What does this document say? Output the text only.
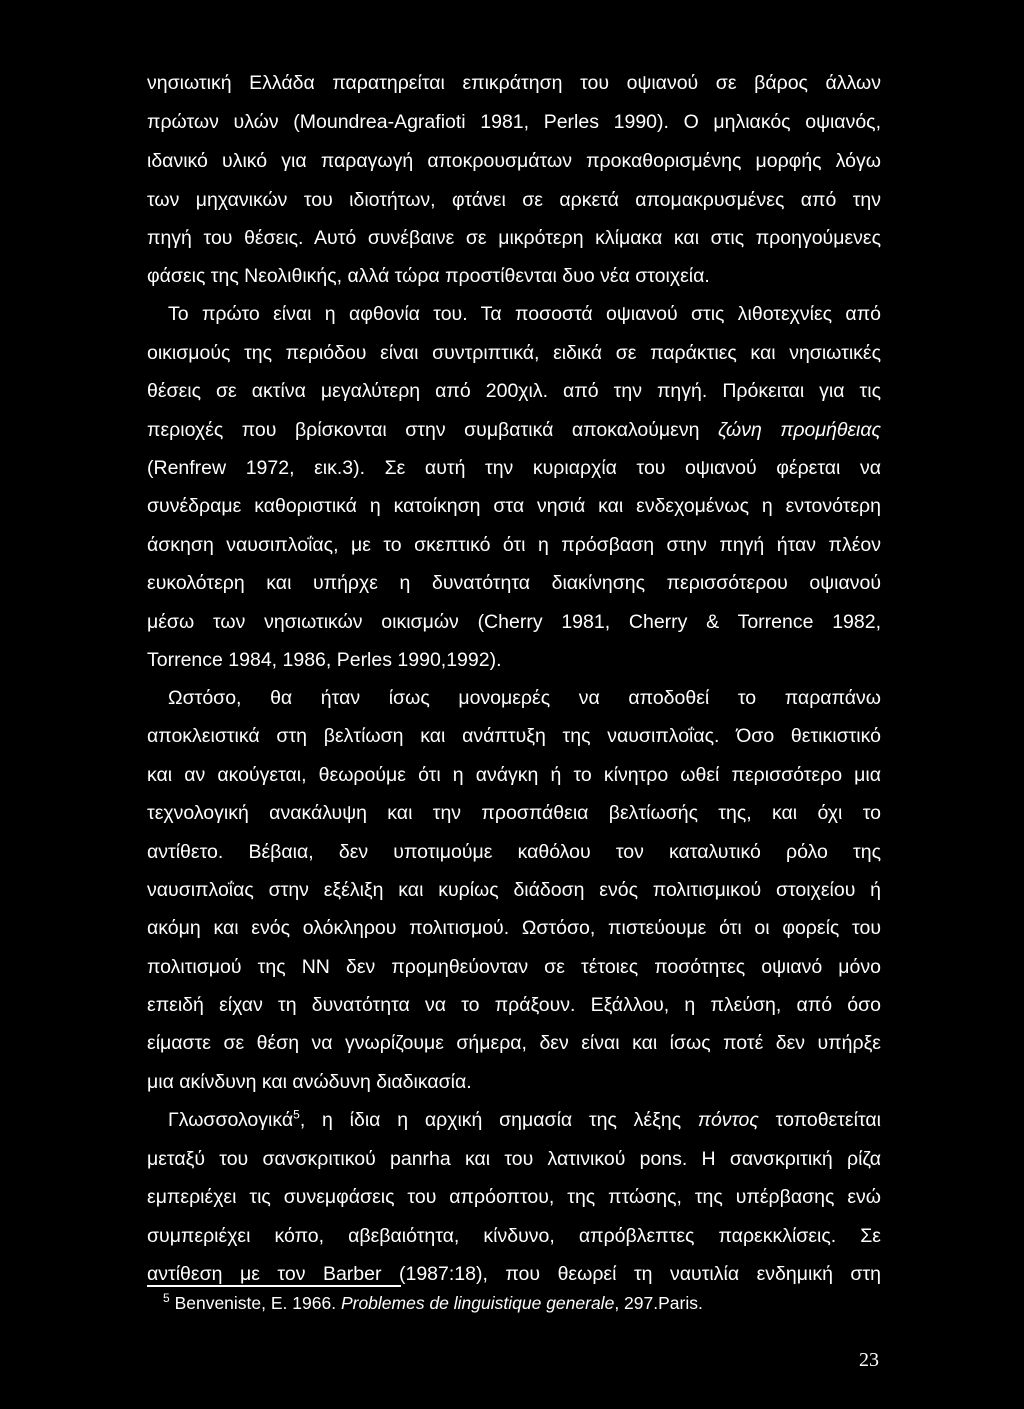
νησιωτική Ελλάδα παρατηρείται επικράτηση του οψιανού σε βάρος άλλων
πρώτων υλών (Moundrea-Agrafioti 1981, Perles 1990). Ο μηλιακός οψιανός,
ιδανικό υλικό για παραγωγή αποκρουσμάτων προκαθορισμένης μορφής λόγω
των μηχανικών του ιδιοτήτων, φτάνει σε αρκετά απομακρυσμένες από την
πηγή του θέσεις. Αυτό συνέβαινε σε μικρότερη κλίμακα και στις προηγούμενες
φάσεις της Νεολιθικής, αλλά τώρα προστίθενται δυο νέα στοιχεία.
Το πρώτο είναι η αφθονία του. Τα ποσοστά οψιανού στις λιθοτεχνίες από
οικισμούς της περιόδου είναι συντριπτικά, ειδικά σε παράκτιες και νησιωτικές
θέσεις σε ακτίνα μεγαλύτερη από 200χιλ. από την πηγή. Πρόκειται για τις
περιοχές που βρίσκονται στην συμβατικά αποκαλούμενη ζώνη προμήθειας
(Renfrew 1972, εικ.3). Σε αυτή την κυριαρχία του οψιανού φέρεται να
συνέδραμε καθοριστικά η κατοίκηση στα νησιά και ενδεχομένως η εντονότερη
άσκηση ναυσιπλοΐας, με το σκεπτικό ότι η πρόσβαση στην πηγή ήταν πλέον
ευκολότερη και υπήρχε η δυνατότητα διακίνησης περισσότερου οψιανού
μέσω των νησιωτικών οικισμών (Cherry 1981, Cherry & Torrence 1982,
Torrence 1984, 1986, Perles 1990,1992).
Ωστόσο, θα ήταν ίσως μονομερές να αποδοθεί το παραπάνω
αποκλειστικά στη βελτίωση και ανάπτυξη της ναυσιπλοΐας. Όσο θετικιστικό
και αν ακούγεται, θεωρούμε ότι η ανάγκη ή το κίνητρο ωθεί περισσότερο μια
τεχνολογική ανακάλυψη και την προσπάθεια βελτίωσής της, και όχι το
αντίθετο. Βέβαια, δεν υποτιμούμε καθόλου τον καταλυτικό ρόλο της
ναυσιπλοΐας στην εξέλιξη και κυρίως διάδοση ενός πολιτισμικού στοιχείου ή
ακόμη και ενός ολόκληρου πολιτισμού. Ωστόσο, πιστεύουμε ότι οι φορείς του
πολιτισμού της ΝΝ δεν προμηθεύονταν σε τέτοιες ποσότητες οψιανό μόνο
επειδή είχαν τη δυνατότητα να το πράξουν. Εξάλλου, η πλεύση, από όσο
είμαστε σε θέση να γνωρίζουμε σήμερα, δεν είναι και ίσως ποτέ δεν υπήρξε
μια ακίνδυνη και ανώδυνη διαδικασία.
Γλωσσολογικά$^5$, η ίδια η αρχική σημασία της λέξης πόντος τοποθετείται
μεταξύ του σανσκριτικού panrha και του λατινικού pons. Η σανσκριτική ρίζα
εμπεριέχει τις συνεμφάσεις του απρόοπτου, της πτώσης, της υπέρβασης ενώ
συμπεριέχει κόπο, αβεβαιότητα, κίνδυνο, απρόβλεπτες παρεκκλίσεις. Σε
αντίθεση με τον Barber (1987:18), που θεωρεί τη ναυτιλία ενδημική στη
$^5$ Benveniste, E. 1966. Problemes de linguistique generale, 297.Paris.
23
